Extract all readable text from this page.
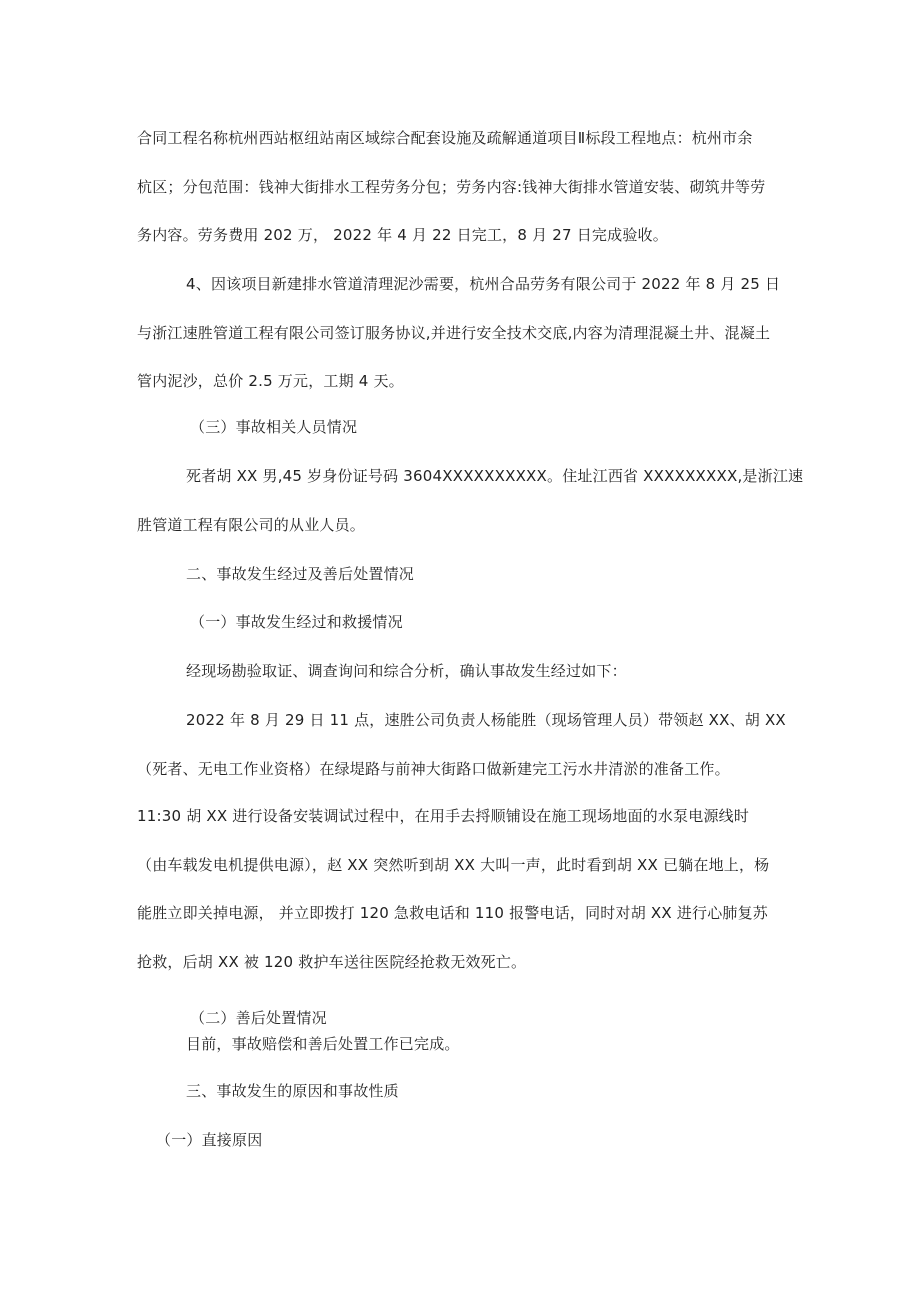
合同工程名称杭州西站枢纽站南区域综合配套设施及疏解通道项目Ⅱ标段工程地点：杭州市余
杭区；分包范围：钱神大街排水工程劳务分包；劳务内容:钱神大街排水管道安装、砌筑井等劳
务内容。劳务费用 202 万， 2022 年 4 月 22 日完工，8 月 27 日完成验收。
4、因该项目新建排水管道清理泥沙需要，杭州合品劳务有限公司于 2022 年 8 月 25 日
与浙江速胜管道工程有限公司签订服务协议,并进行安全技术交底,内容为清理混凝土井、混凝土
管内泥沙，总价 2.5 万元，工期 4 天。
（三）事故相关人员情况
死者胡 XX 男,45 岁身份证号码 3604XXXXXXXXXX。住址江西省 XXXXXXXXX,是浙江速
胜管道工程有限公司的从业人员。
二、事故发生经过及善后处置情况
（一）事故发生经过和救援情况
经现场勘验取证、调查询问和综合分析，确认事故发生经过如下：
2022 年 8 月 29 日 11 点，速胜公司负责人杨能胜（现场管理人员）带领赵 XX、胡 XX
（死者、无电工作业资格）在绿堤路与前神大街路口做新建完工污水井清淤的准备工作。
11:30 胡 XX 进行设备安装调试过程中，在用手去捋顺铺设在施工现场地面的水泵电源线时
（由车载发电机提供电源），赵 XX 突然听到胡 XX 大叫一声，此时看到胡 XX 已躺在地上，杨
能胜立即关掉电源， 并立即拨打 120 急救电话和 110 报警电话，同时对胡 XX 进行心肺复苏
抢救，后胡 XX 被 120 救护车送往医院经抢救无效死亡。
（二）善后处置情况
目前，事故赔偿和善后处置工作已完成。
三、事故发生的原因和事故性质
（一）直接原因
